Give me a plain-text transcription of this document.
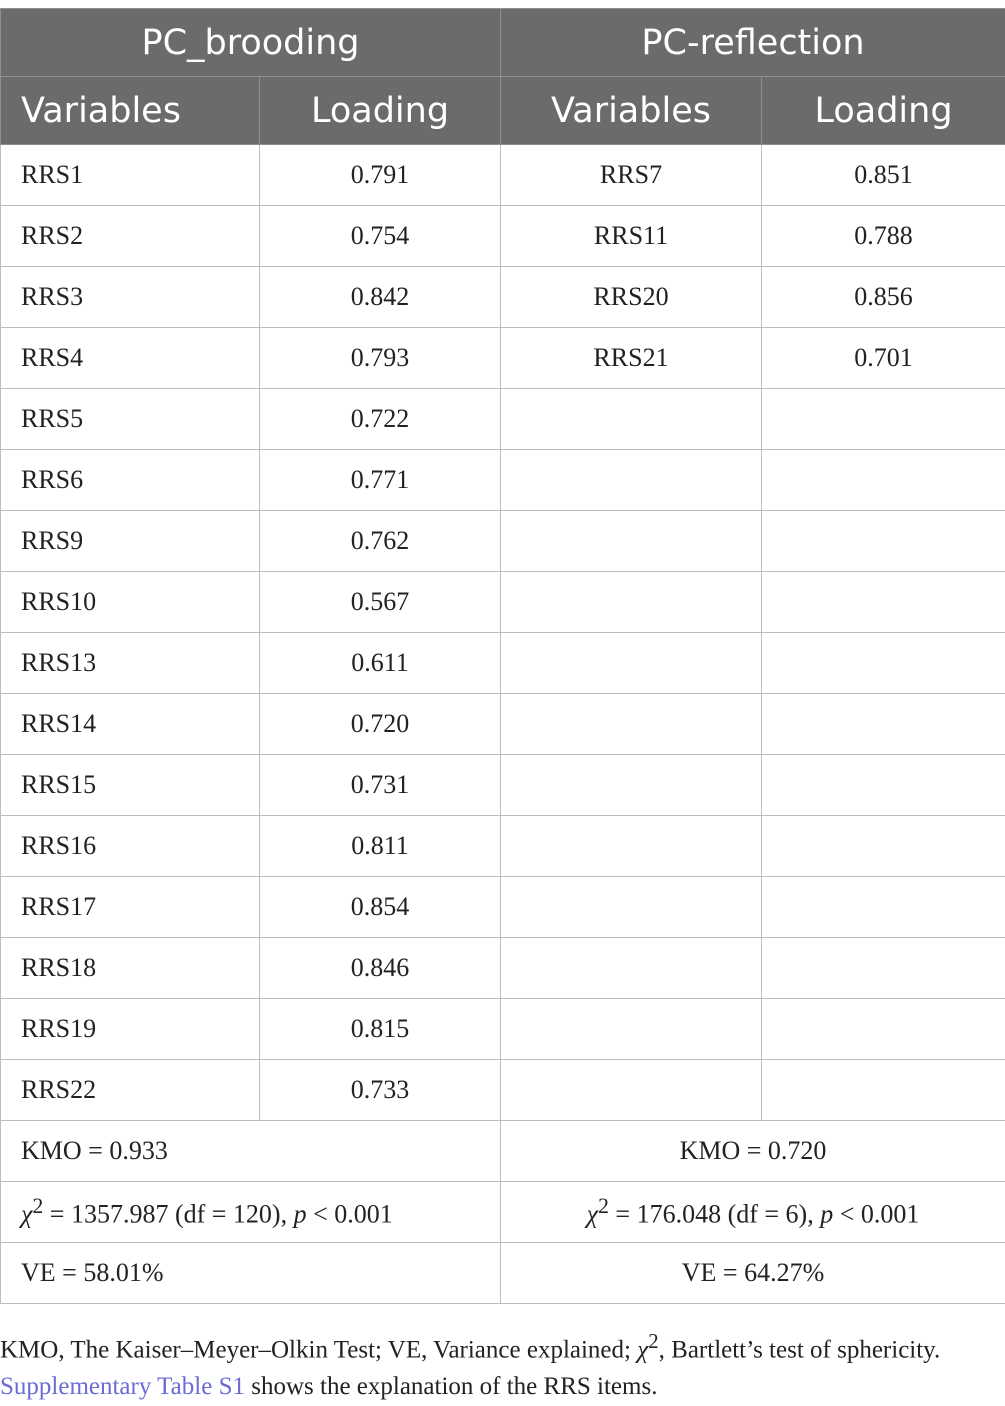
PC_brooding		PC-reflection	
Variables	Loading	Variables	Loading
RRS1	0.791	RRS7	0.851
RRS2	0.754	RRS11	0.788
RRS3	0.842	RRS20	0.856
RRS4	0.793	RRS21	0.701
RRS5	0.722		
RRS6	0.771		
RRS9	0.762		
RRS10	0.567		
RRS13	0.611		
RRS14	0.720		
RRS15	0.731		
RRS16	0.811		
RRS17	0.854		
RRS18	0.846		
RRS19	0.815		
RRS22	0.733		
KMO = 0.933		KMO = 0.720	
$\chi^2 = 1357.987$ (df = 120), p < 0.001		$\chi^2 = 176.048$ (df = 6), p < 0.001	
VE = 58.01%		VE = 64.27%	
KMO, The Kaiser–Meyer–Olkin Test; VE, Variance explained; $\chi^2$, Bartlett’s test of sphericity.
Supplementary Table S1 shows the explanation of the RRS items.
